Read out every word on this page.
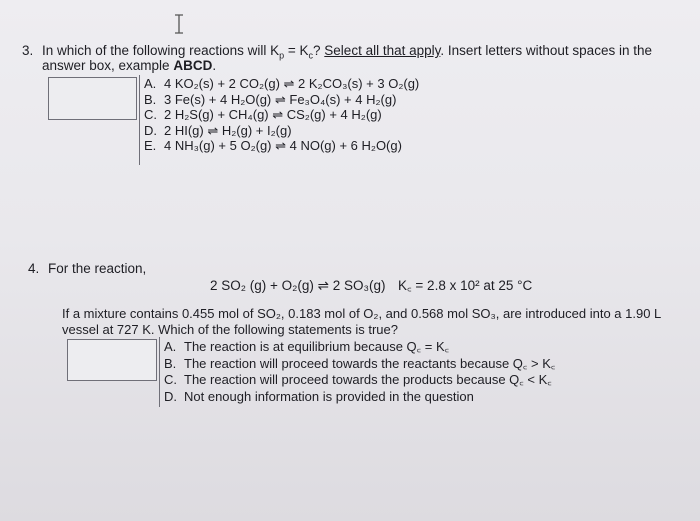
3. In which of the following reactions will $K_p = K_c$? Select all that apply. Insert letters without spaces in the
answer box, example ABCD.
A. 4 KO₂(s) + 2 CO₂(g) ⇌ 2 K₂CO₃(s) + 3 O₂(g)
B. 3 Fe(s) + 4 H₂O(g) ⇌ Fe₃O₄(s) + 4 H₂(g)
C. 2 H₂S(g) + CH₄(g) ⇌ CS₂(g) + 4 H₂(g)
D. 2 HI(g) ⇌ H₂(g) + I₂(g)
E. 4 NH₃(g) + 5 O₂(g) ⇌ 4 NO(g) + 6 H₂O(g)
4. For the reaction,
2 SO₂ (g) + O₂(g) ⇌ 2 SO₃(g) K꜀ = 2.8 x 10² at 25 °C
If a mixture contains 0.455 mol of SO₂, 0.183 mol of O₂, and 0.568 mol SO₃, are introduced into a 1.90 L
vessel at 727 K. Which of the following statements is true?
A. The reaction is at equilibrium because Q꜀ = K꜀
B. The reaction will proceed towards the reactants because Q꜀ > K꜀
C. The reaction will proceed towards the products because Q꜀ < K꜀
D. Not enough information is provided in the question
